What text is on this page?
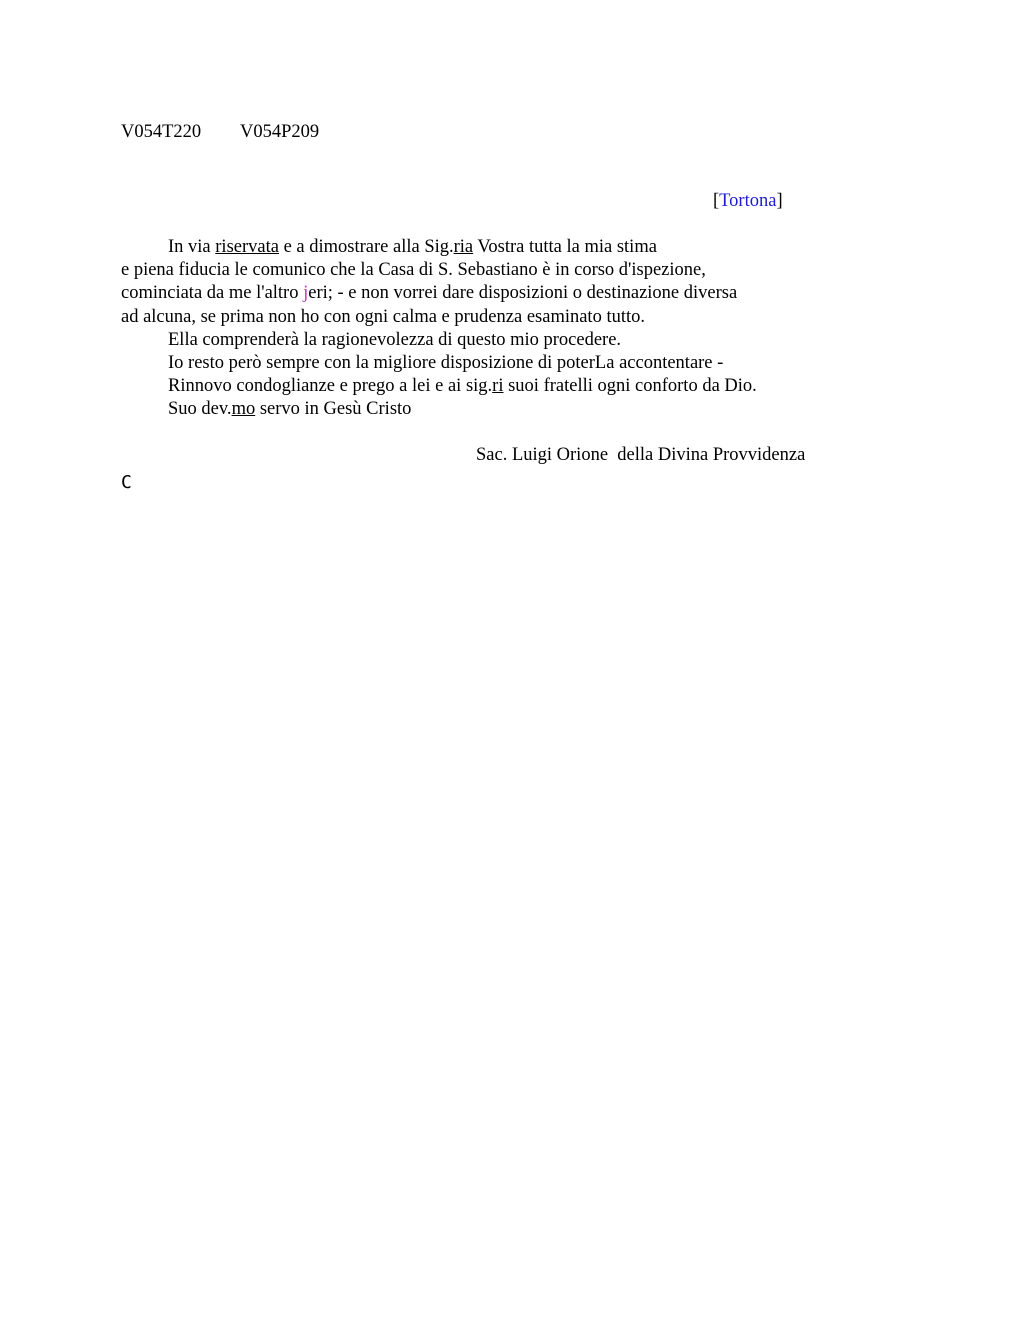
V054T220 V054P209
[Tortona]
In via riservata e a dimostrare alla Sig.ria Vostra tutta la mia stima
e piena fiducia le comunico che la Casa di S. Sebastiano è in corso d'ispezione,
cominciata da me l'altro jeri; - e non vorrei dare disposizioni o destinazione diversa
ad alcuna, se prima non ho con ogni calma e prudenza esaminato tutto.
Ella comprenderà la ragionevolezza di questo mio procedere.
Io resto però sempre con la migliore disposizione di poterLa accontentare -
Rinnovo condoglianze e prego a lei e ai sig.ri suoi fratelli ogni conforto da Dio.
Suo dev.mo servo in Gesù Cristo
Sac. Luigi Orione  della Divina Provvidenza
C
